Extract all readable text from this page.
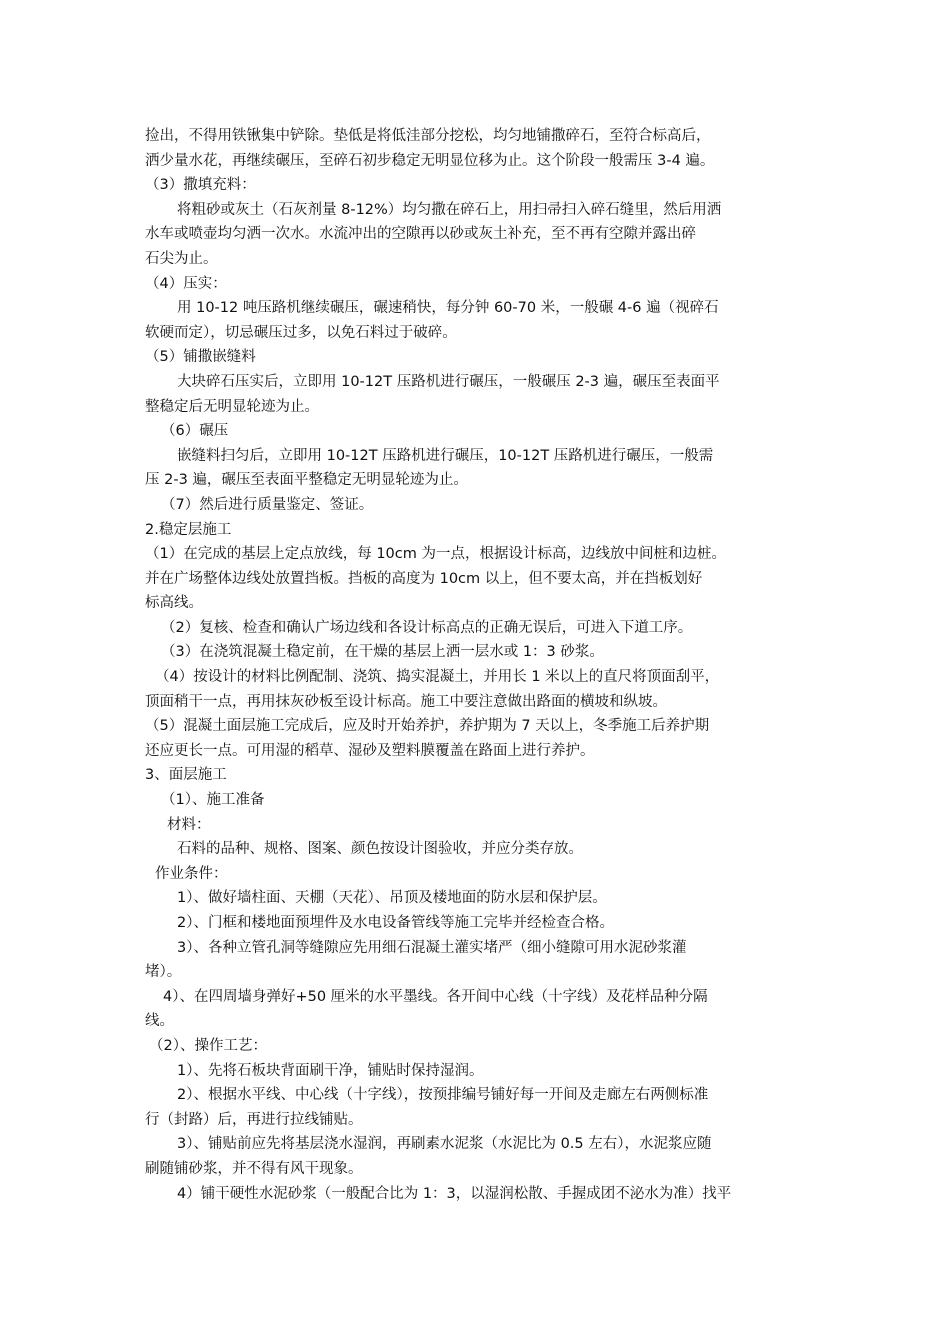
捡出，不得用铁锹集中铲除。垫低是将低洼部分挖松，均匀地铺撒碎石，至符合标高后，
洒少量水花，再继续碾压，至碎石初步稳定无明显位移为止。这个阶段一般需压 3-4 遍。
（3）撒填充料：
将粗砂或灰土（石灰剂量 8-12%）均匀撒在碎石上，用扫帚扫入碎石缝里，然后用洒
水车或喷壶均匀洒一次水。水流冲出的空隙再以砂或灰土补充，至不再有空隙并露出碎
石尖为止。
（4）压实：
用 10-12 吨压路机继续碾压，碾速稍快，每分钟 60-70 米，一般碾 4-6 遍（视碎石
软硬而定），切忌碾压过多，以免石料过于破碎。
（5）铺撒嵌缝料
大块碎石压实后，立即用 10-12T 压路机进行碾压，一般碾压 2-3 遍，碾压至表面平
整稳定后无明显轮迹为止。
（6）碾压
嵌缝料扫匀后，立即用 10-12T 压路机进行碾压，10-12T 压路机进行碾压，一般需
压 2-3 遍，碾压至表面平整稳定无明显轮迹为止。
（7）然后进行质量鉴定、签证。
2.稳定层施工
（1）在完成的基层上定点放线，每 10cm 为一点，根据设计标高，边线放中间桩和边桩。
并在广场整体边线处放置挡板。挡板的高度为 10cm 以上，但不要太高，并在挡板划好
标高线。
（2）复核、检查和确认广场边线和各设计标高点的正确无误后，可进入下道工序。
（3）在浇筑混凝土稳定前，在干燥的基层上洒一层水或 1：3 砂浆。
（4）按设计的材料比例配制、浇筑、捣实混凝土，并用长 1 米以上的直尺将顶面刮平，
顶面稍干一点，再用抹灰砂板至设计标高。施工中要注意做出路面的横坡和纵坡。
（5）混凝土面层施工完成后，应及时开始养护，养护期为 7 天以上，冬季施工后养护期
还应更长一点。可用湿的稻草、湿砂及塑料膜覆盖在路面上进行养护。
3、面层施工
（1）、施工准备
材料：
石料的品种、规格、图案、颜色按设计图验收，并应分类存放。
作业条件：
1）、做好墙柱面、天棚（天花）、吊顶及楼地面的防水层和保护层。
2）、门框和楼地面预埋件及水电设备管线等施工完毕并经检查合格。
3）、各种立管孔洞等缝隙应先用细石混凝土灌实堵严（细小缝隙可用水泥砂浆灌
堵）。
4）、在四周墙身弹好+50 厘米的水平墨线。各开间中心线（十字线）及花样品种分隔
线。
（2）、操作工艺：
1）、先将石板块背面刷干净，铺贴时保持湿润。
2）、根据水平线、中心线（十字线），按预排编号铺好每一开间及走廊左右两侧标准
行（封路）后，再进行拉线铺贴。
3）、铺贴前应先将基层浇水湿润，再刷素水泥浆（水泥比为 0.5 左右），水泥浆应随
刷随铺砂浆，并不得有风干现象。
4）铺干硬性水泥砂浆（一般配合比为 1：3，以湿润松散、手握成团不泌水为准）找平
